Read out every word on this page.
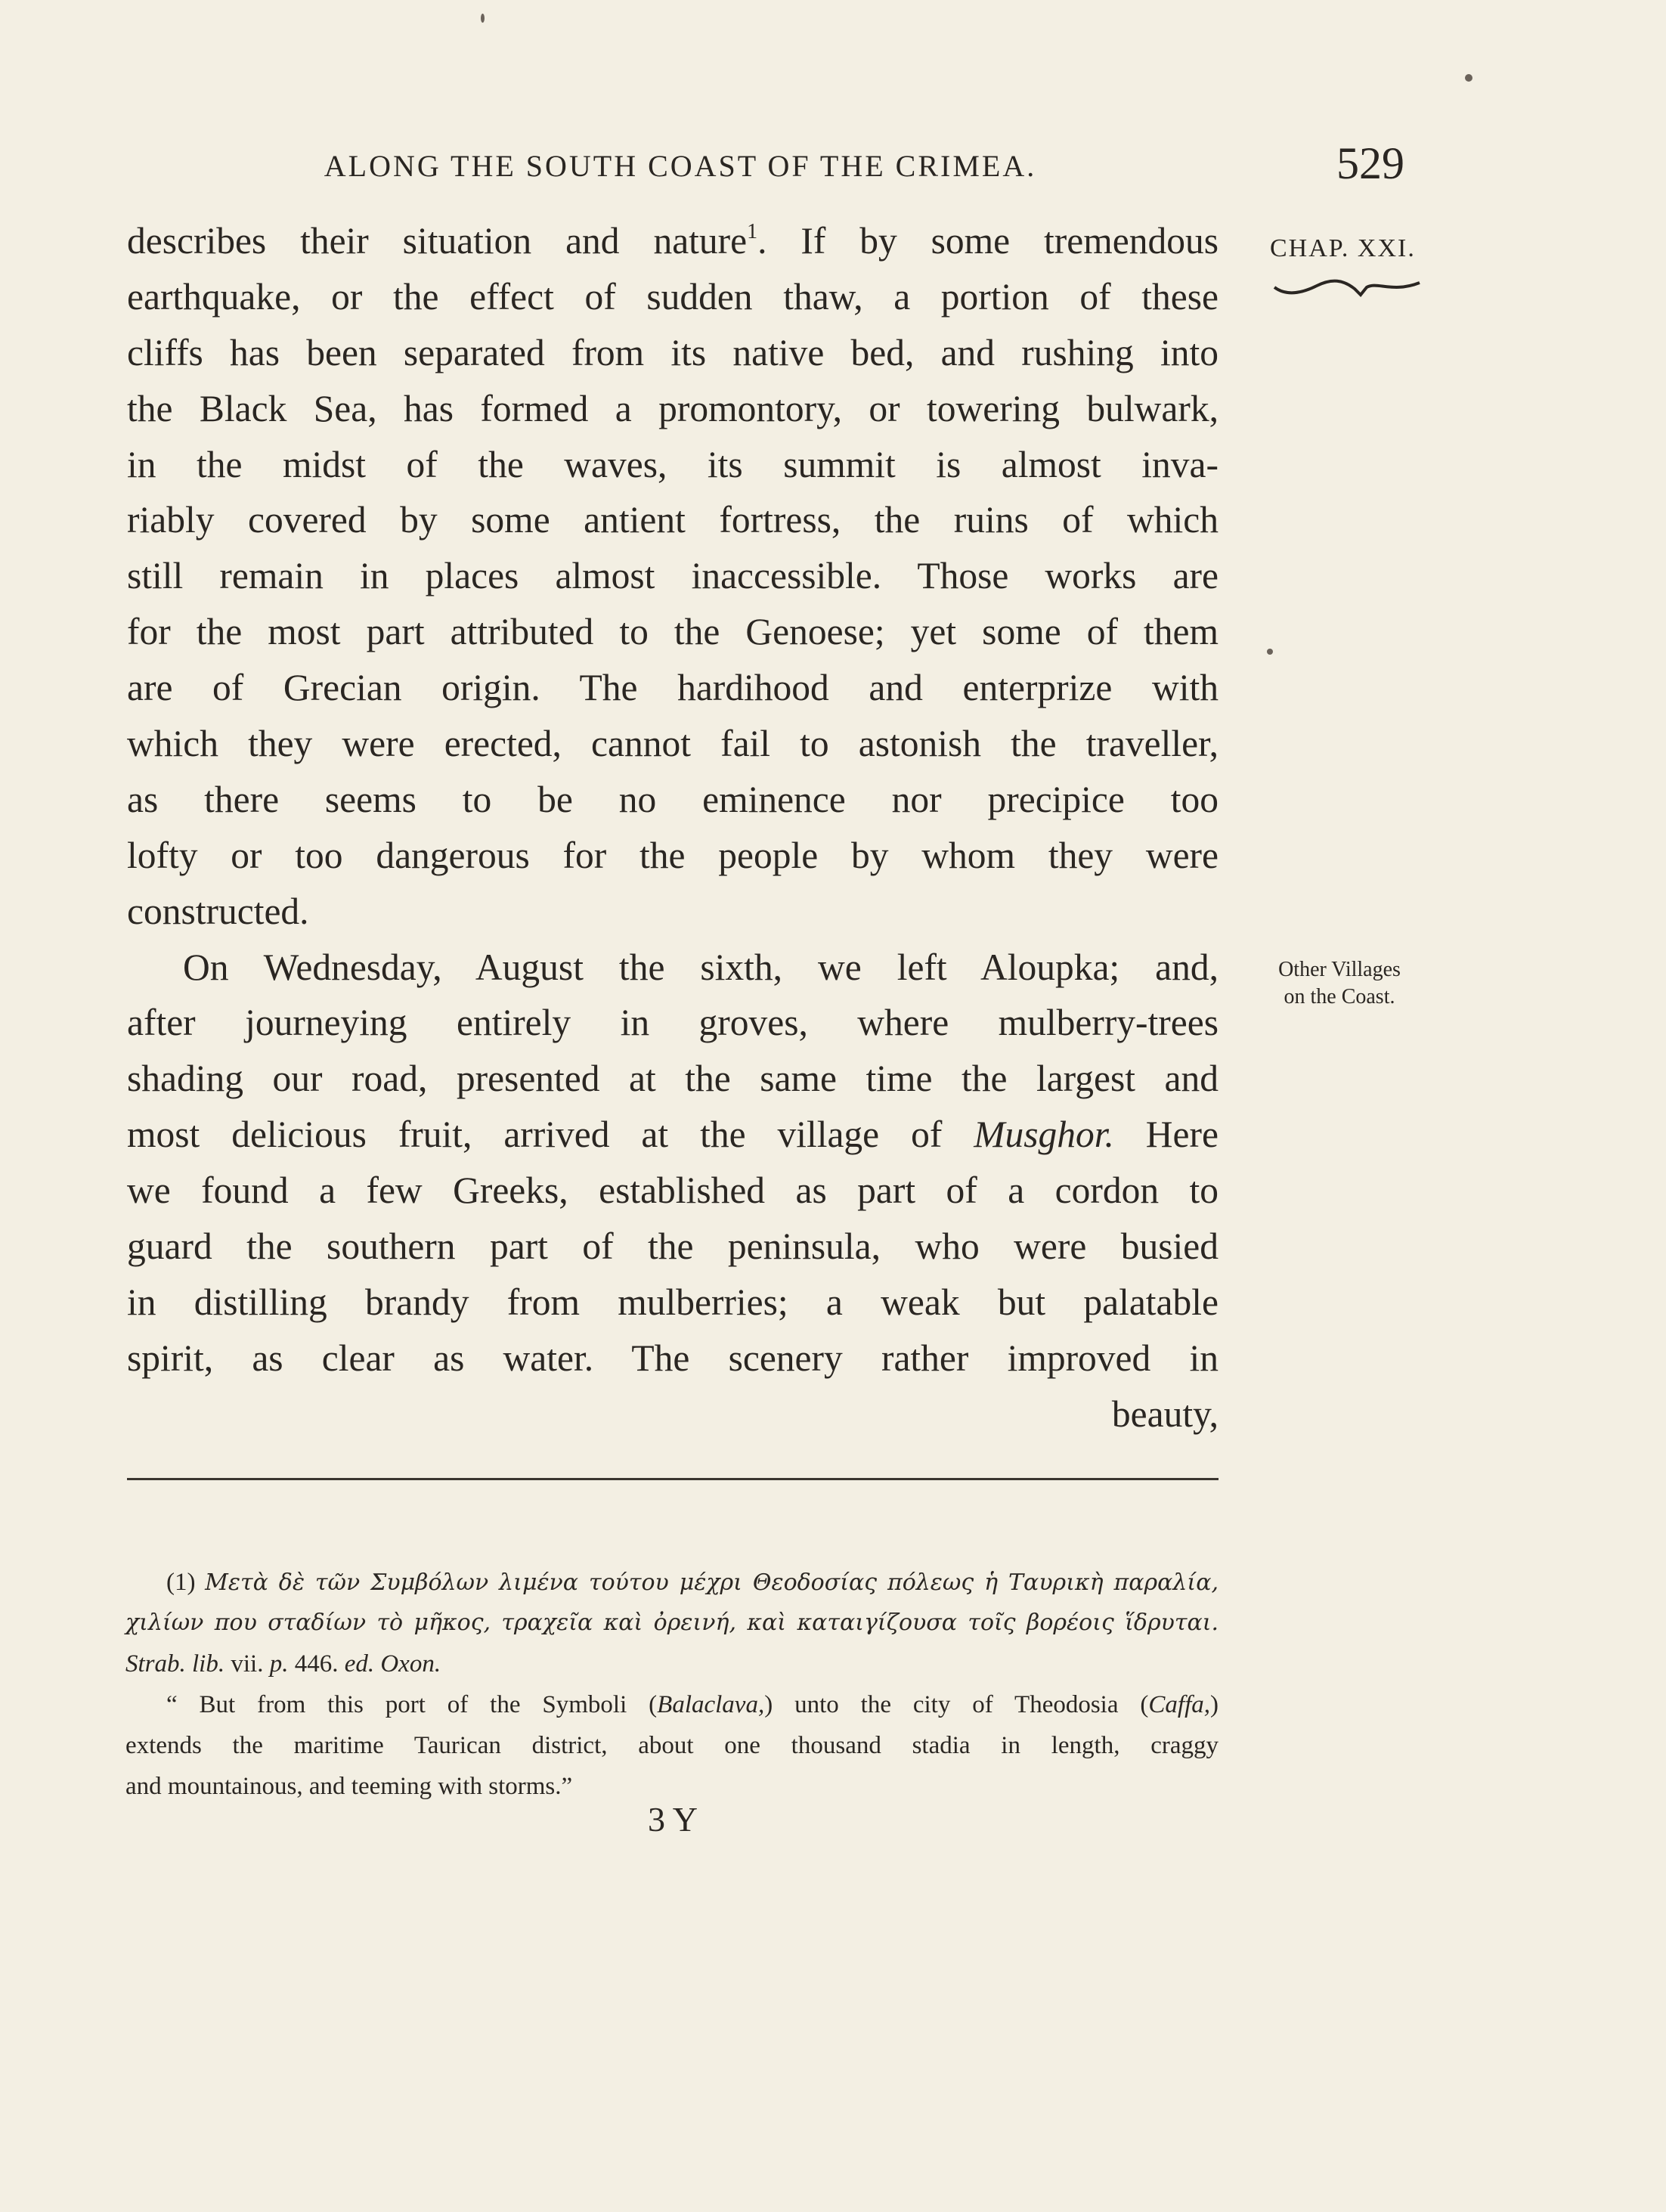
ALONG THE SOUTH COAST OF THE CRIMEA.	529
CHAP. XXI.
Other Villages
on the Coast.
describes their situation and nature$^1$. If by some tremendous
earthquake, or the effect of sudden thaw, a portion of these
cliffs has been separated from its native bed, and rushing into
the Black Sea, has formed a promontory, or towering bulwark,
in the midst of the waves, its summit is almost inva-
riably covered by some antient fortress, the ruins of which
still remain in places almost inaccessible. Those works are
for the most part attributed to the Genoese; yet some of them
are of Grecian origin. The hardihood and enterprize with
which they were erected, cannot fail to astonish the traveller,
as there seems to be no eminence nor precipice too
lofty or too dangerous for the people by whom they were
constructed.
On Wednesday, August the sixth, we left Aloupka; and,
after journeying entirely in groves, where mulberry-trees
shading our road, presented at the same time the largest and
most delicious fruit, arrived at the village of Musghor. Here
we found a few Greeks, established as part of a cordon to
guard the southern part of the peninsula, who were busied
in distilling brandy from mulberries; a weak but palatable
spirit, as clear as water. The scenery rather improved in
beauty,
(1) Μετὰ δὲ τῶν Συμβόλων λιμένα τούτου μέχρι Θεοδοσίας πόλεως ἡ Ταυρικὴ παραλία,
χιλίων που σταδίων τὸ μῆκος, τραχεῖα καὶ ὀρεινή, καὶ καταιγίζουσα τοῖς βορέοις ἵδρυται.
Strab. lib. vii. p. 446. ed. Oxon.
“ But from this port of the Symboli (Balaclava,) unto the city of Theodosia (Caffa,)
extends the maritime Taurican district, about one thousand stadia in length, craggy
and mountainous, and teeming with storms.”
3 Y
